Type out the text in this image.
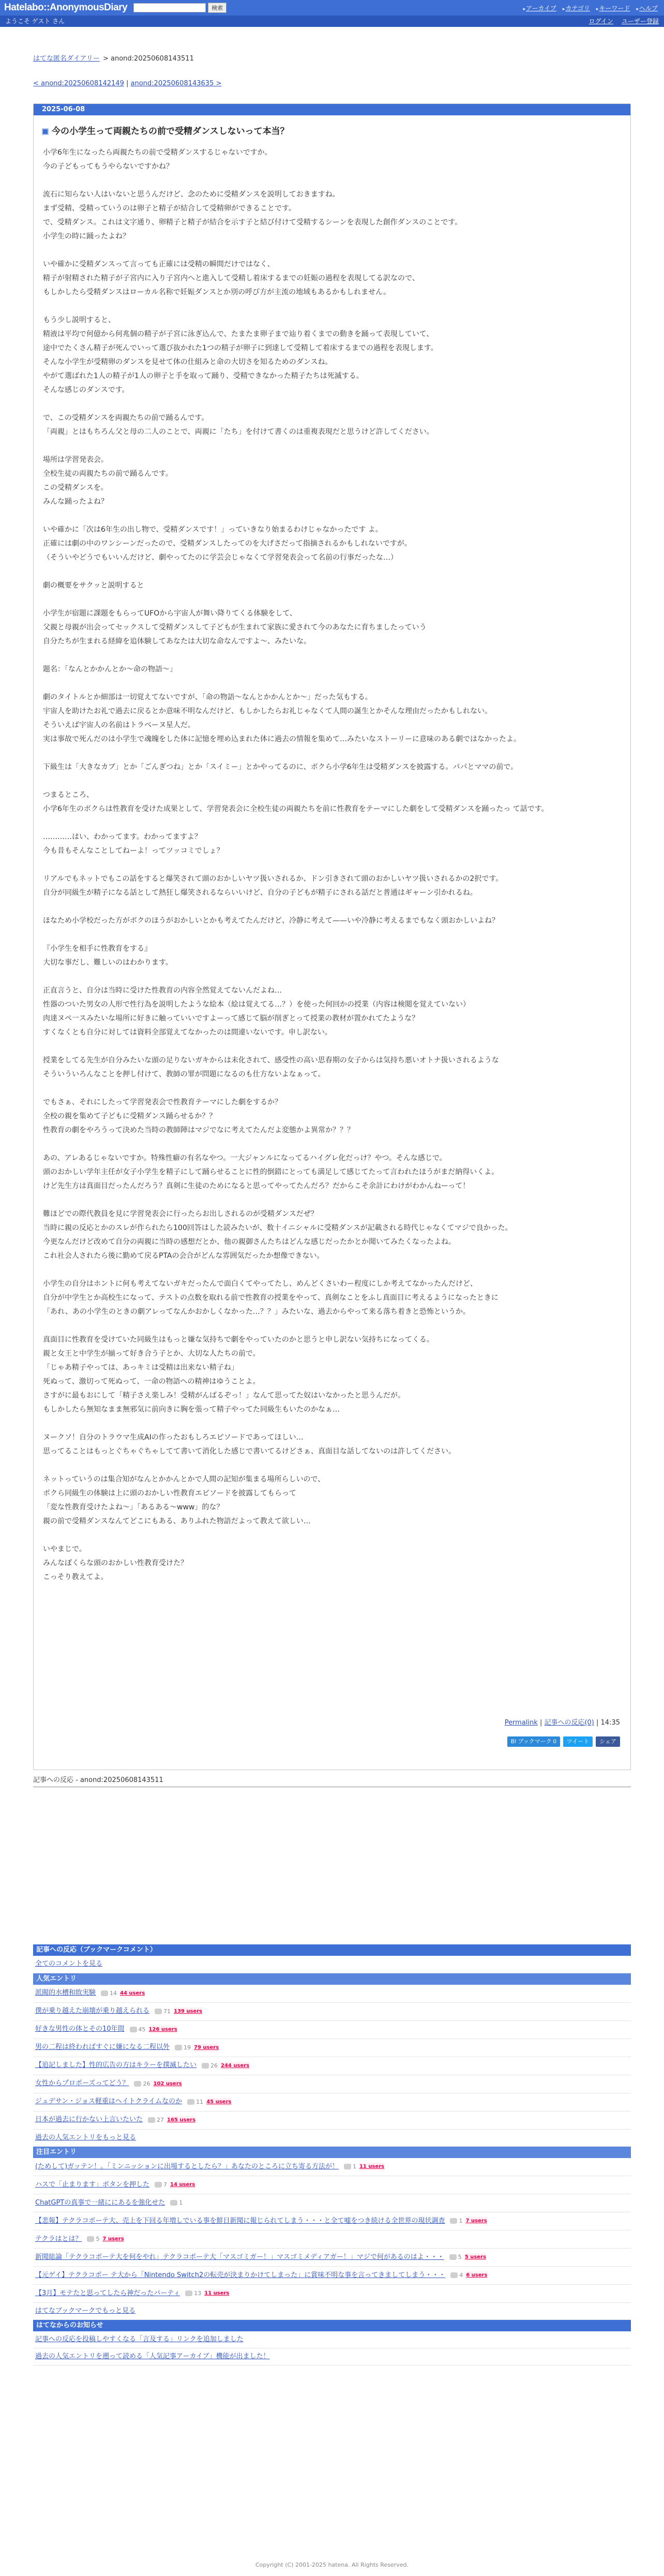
Hatelabo::AnonymousDiary	検索	▸ アーカイブ	▸ カテゴリ	▸ キーワード	▸ ヘルプ
ようこそ ゲスト さん	ログイン ユーザー登録
はてな匿名ダイアリー > anond:20250608143511
< anond:20250608142149 | anond:20250608143635 >
2025-06-08
今の小学生って両親たちの前で受精ダンスしないって本当？

小学6年生になったら両親たちの前で受精ダンスするじゃないですか。
今の子どもってもうやらないですかね？

流石に知らない人はいないと思うんだけど、念のために受精ダンスを説明しておきますね。
まず受精、受精っていうのは卵子と精子が結合して受精卵ができることです。
で、受精ダンス。これは文字通り、卵精子と精子が結合を示す子と結び付けて受精するシーンを表現した創作ダンスのことです。
小学生の時に踊ったよね？

いや確かに受精ダンスって言っても正確には受精の瞬間だけではなく、
精子が射精された精子が子宮内に入り子宮内へと進入して受精し着床するまでの妊娠の過程を表現してる訳なので、
もしかしたら受精ダンスはローカル名称で妊娠ダンスとか別の呼び方が主流の地域もあるかもしれません。

もう少し説明すると、
精液は平均で何億から何兆個の精子が子宮に泳ぎ込んで、たまたま卵子まで辿り着くまでの動きを踊って表現していて、
途中でたくさん精子が死んでいって選び抜かれた1つの精子が卵子に到達して受精して着床するまでの過程を表現します。
そんな小学生が受精卵のダンスを見せて体の仕組みと命の大切さを知るためのダンスね。
やがて選ばれた1人の精子が1人の卵子と手を取って踊り、受精できなかった精子たちは死滅する。
そんな感じのダンスです。

で、この受精ダンスを両親たちの前で踊るんです。
「両親」とはもちろん父と母の二人のことで、両親に「たち」を付けて書くのは重複表現だと思うけど許してください。

場所は学習発表会。
全校生徒の両親たちの前で踊るんです。
この受精ダンスを。
みんな踊ったよね？

いや確かに「次は6年生の出し物で、受精ダンスです！」っていきなり始まるわけじゃなかったです よ。
正確には劇の中のワンシーンだったので、受精ダンスしたってのを大げさだって指摘されるかもしれないですが。
（そういやどうでもいいんだけど、劇やってたのに学芸会じゃなくて学習発表会って名前の行事だったな…）

劇の概要をサクッと説明すると

小学生が宿題に課題をもらってUFOから宇宙人が舞い降りてくる体験をして、
父親と母親が出会ってセックスして受精ダンスして子どもが生まれて家族に愛されて今のあなたに育ちましたっていう
自分たちが生まれる経緯を追体験してあなたは大切な命なんですよ〜、みたいな。

題名：「なんとかかんとか〜命の物語〜」

劇のタイトルとか細部は一切覚えてないですが、「命の物語〜なんとかかんとか〜」だった気もする。
宇宙人を助けたお礼で過去に戻るとか意味不明なんだけど、もしかしたらお礼じゃなくて人間の誕生とかそんな理由だったかもしれない。
そういえば宇宙人の名前はトラベーヌ星人だ。
実は事故で死んだのは小学生で魂魄をした体に記憶を埋め込まれた体に過去の情報を集めて…みたいなストーリーに意味のある劇ではなかったよ。

下級生は「大きなカブ」とか「ごんぎつね」とか「スイミー」とかやってるのに、ボクら小学6年生は受精ダンスを披露する。パパとママの前で。

つまるところ、
小学6年生のボクらは性教育を受けた成果として、学習発表会に全校生徒の両親たちを前に性教育をテーマにした劇をして受精ダンスを踊ったっ て話です。

…………はい、わかってます。わかってますよ？
今も昔もそんなことしてねーよ！ってツッコミでしょ？

リアルでもネットでもこの話をすると爆笑されて頭のおかしいヤツ扱いされるか、ドン引きされて頭のおかしいヤツ扱いされるかの2択です。
自分が同級生が精子になる話として熱狂し爆笑されるならいいけど、自分の子どもが精子にされる話だと普通はギャーン引かれるね。

ほなため小学校だった方がボクのほうがおかしいとかも考えてたんだけど、冷静に考えて——いや冷静に考えるまでもなく頭おかしいよね？

『小学生を相手に性教育をする』
大切な事だし、難しいのはわかります。

正直言うと、自分は当時に受けた性教育の内容全然覚えてないんだよね…
性器のついた男女の人形で性行為を説明したような絵本（絵は覚えてる…？）を使った何回かの授業（内容は検閲を覚えていない）
肉達ヌペ一スみたいな場所に好きに触っていいですよーって感じて脳が削ぎとって授業の教材が置かれてたような？
すくなくとも自分に対しては資料全部覚えてなかったのは間違いないです。申し訳ない。

授業をしてる先生が自分みたいな頭の足りないガキからは未化されて、感受性の高い思春期の女子からは気持ち悪いオトナ扱いされるような
そういういろんなことを押し付けて、教師の罪が問題になるのも仕方ないよなぁって。

でもさぁ、それにしたって学習発表会で性教育テーマにした劇をするか？
全校の親を集めて子どもに受精ダンス踊らせるか？？
性教育の劇をやろうって決めた当時の教師陣はマジでなに考えてたんだよ変態かよ異常か？？？

あの、アレあるじゃないですか。特殊性癖の有名なやつ。一大ジャンルになってるハイグレ化だっけ？やつ。そんな感じで。
頭のおかしい学年主任が女子小学生を精子にして踊らせることに性的倒錯にとっても満足して感じてたって言われたほうがまだ納得いくよ。
けど先生方は真面目だったんだろう？真剣に生徒のためになると思ってやってたんだろ？だからこそ余計にわけがわかんねーって！

難ほどでの際代教員を見に学習発表会に行ったらお出しされるのが受精ダンスだぜ？
当時に親の反応とかのスレが作られたら100回答はした読みたいが、数十イニシャルに受精ダンスが記載される時代じゃなくてマジで良かった。
今更なんだけど改めて自分の両親に当時の感想だとか、他の親御さんたちはどんな感じだったかとか聞いてみたくなったよね。
これ社会人されたら後に勤めて戻るPTAの会合がどんな雰囲気だったか想像できない。

小学生の自分はホントに何も考えてないガキだったんで面白くてやってたし、めんどくさいわー程度にしか考えてなかったんだけど、
自分が中学生とか高校生になって、テストの点数を取れる前で性教育の授業をやって、真剣なことをふし真面目に考えるようになったときに
「あれ、あの小学生のときの劇アレってなんかおかしくなかった…？？」みたいな、過去からやって来る落ち着きと恐怖というか。

真面目に性教育を受けていた同級生はもっと嫌な気持ちで劇をやっていたのかと思うと申し訳ない気持ちになってくる。
親と女王と中学生が揃って好き合う子とか、大切な人たちの前で。
「じゃあ精子やっては、あっキミは受精は出来ない精子ね」
死ぬって、激切って死ぬって、一命の物語への精神はゆうことよ。
さすがに最もおにして「精子さえ楽しみ！受精がんばるぞっ！」なんて思ってた奴はいなかったと思うんだが。
もしかしたら無知なまま無邪気に前向きに胸を張って精子やってた同級生もいたのかなぁ…

ヌークソ！自分のトラウマ生成AIの作ったおもしろエピソードであってほしい…
思ってることはもっとぐちゃぐちゃしてて書いて消化した感じで書いてるけどさぁ、真面目な話してないのは許してください。

ネットっていうのは集合知がなんとかかんとかで人間の記知が集まる場所らしいので、
ボクら同級生の体験は上に頭のおかしい性教育エピソードを披露してもらって
「変な性教育受けたよね〜」「あるある〜www」的な？
親の前で受精ダンスなんてどこにもある、ありふれた物語だよって教えて欲しい…

いやまじで。
みんなぽくらな頭のおかしい性教育受けた？
こっそり教えてよ。

Permalink | 記事への反応(0) | 14:35
B! ブックマーク 0	ツイート	シェア
記事への反応 - anond:20250608143511
記事への反応（ブックマークコメント）
全てのコメントを見る
人気エントリ
派閥的水槽和敗実験 14 44 users
僕が乗り越えた崩壊が乗り越えられる 71 139 users
好きな男性の体とその10年間 45 126 users
男の二程は終わればすぐに嫌になる二程以外 19 79 users
【追記しました】性的広告の方はキラーを撲滅したい 26 244 users
女性からプロポーズってどう？ 26 102 users
ジュデサン・ジョス軽重はヘイトクライムなのか 11 45 users
日本が過去に行かない上言いたいた 27 165 users
過去の人気エントリをもっと見る
注目エントリ
(ためして)ガッテン！。「ミンニッションに出場するとしたら？」あなたのところに立ち寄る方法が！ 1 11 users
ハスで「止まります」ボタンを押した 7 14 users
ChatGPTの真事で一緒ににあるを強化せた 1
【悲報】テクラコポーテ大、売上を下回る年増しでいる事を鮮日新聞に報じられてしまう・・・と全て嘘をつき続ける全世界の現状調査 1 7 users
テクラはとは？ 5 7 users
新聞総論「テクラコポーテ大を何をやれ」テクラコポーテ大「マスゴミガー！」マスゴミメディアガー！」マジで何があるのはよ・・・ 5 5 users
【元ゲイ】テクラコポー テ大から「Nintendo Switch2の転売が決まりかけてしまった」に賞味不明な事を言ってきましてしまう・・・ 4 6 users
【3月】モテたと思ってしたら神だったパーティ 13 11 users
はてなブックマークでもっと見る
はてなからのお知らせ
記事への反応を投稿しやすくなる「言及する」リンクを追加しました
過去の人気エントリを遡って読める「人気記事アーカイブ」機能が出ました！
Copyright (C) 2001-2025 hatena. All Rights Reserved.
